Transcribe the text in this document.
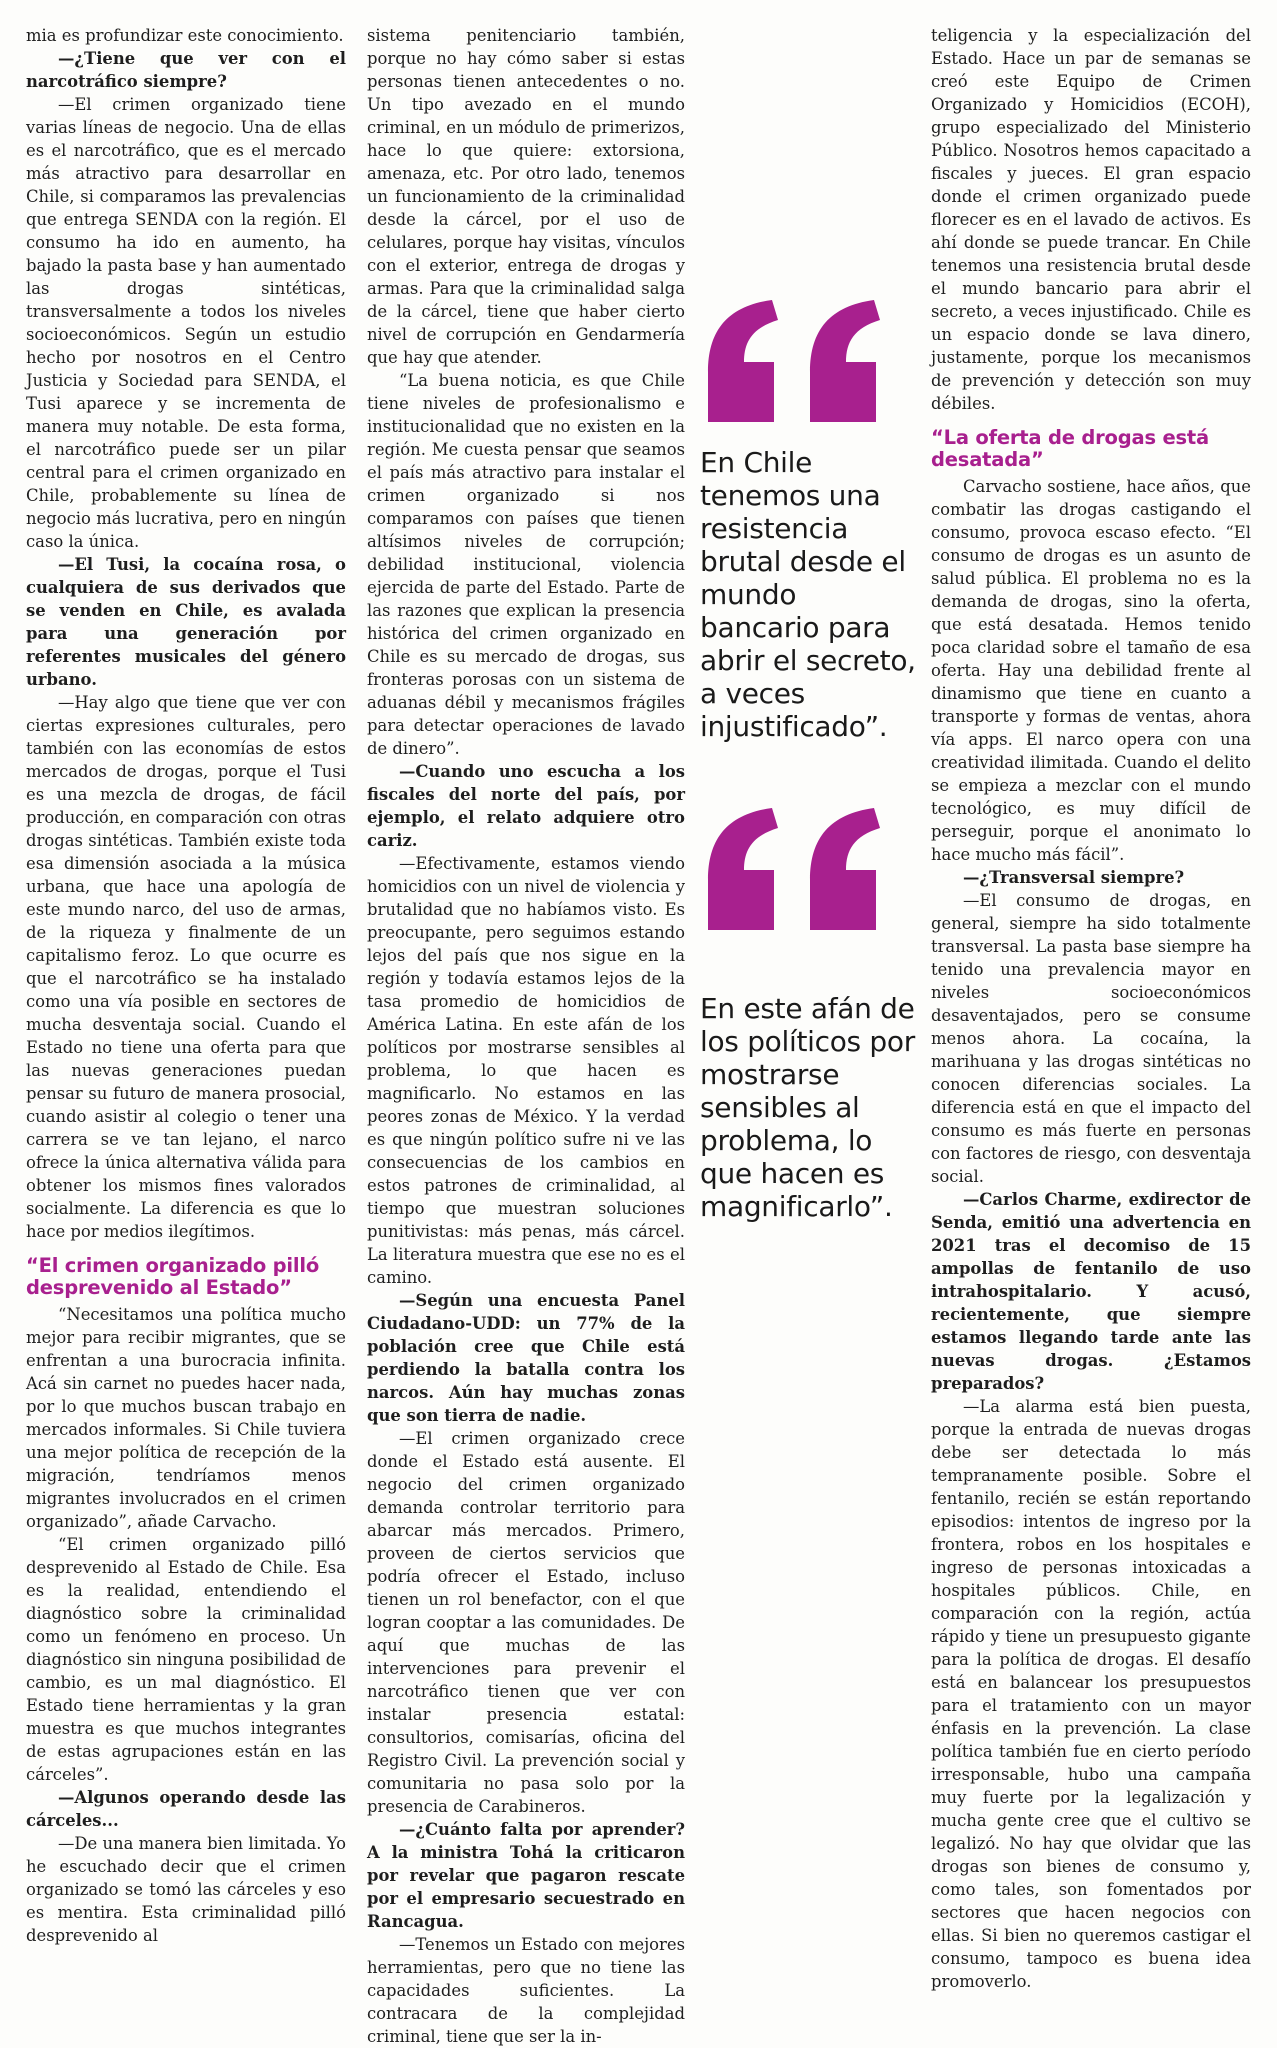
mia es profundizar este conocimiento.

—¿Tiene que ver con el narcotráfico siempre?

—El crimen organizado tiene varias líneas de negocio. Una de ellas es el narcotráfico, que es el mercado más atractivo para desarrollar en Chile, si comparamos las prevalencias que entrega SENDA con la región. El consumo ha ido en aumento, ha bajado la pasta base y han aumentado las drogas sintéticas, transversalmente a todos los niveles socioeconómicos. Según un estudio hecho por nosotros en el Centro Justicia y Sociedad para SENDA, el Tusi aparece y se incrementa de manera muy notable. De esta forma, el narcotráfico puede ser un pilar central para el crimen organizado en Chile, probablemente su línea de negocio más lucrativa, pero en ningún caso la única.

—El Tusi, la cocaína rosa, o cualquiera de sus derivados que se venden en Chile, es avalada para una generación por referentes musicales del género urbano.

—Hay algo que tiene que ver con ciertas expresiones culturales, pero también con las economías de estos mercados de drogas, porque el Tusi es una mezcla de drogas, de fácil producción, en comparación con otras drogas sintéticas. También existe toda esa dimensión asociada a la música urbana, que hace una apología de este mundo narco, del uso de armas, de la riqueza y finalmente de un capitalismo feroz. Lo que ocurre es que el narcotráfico se ha instalado como una vía posible en sectores de mucha desventaja social. Cuando el Estado no tiene una oferta para que las nuevas generaciones puedan pensar su futuro de manera prosocial, cuando asistir al colegio o tener una carrera se ve tan lejano, el narco ofrece la única alternativa válida para obtener los mismos fines valorados socialmente. La diferencia es que lo hace por medios ilegítimos.

“El crimen organizado pilló desprevenido al Estado”

“Necesitamos una política mucho mejor para recibir migrantes, que se enfrentan a una burocracia infinita. Acá sin carnet no puedes hacer nada, por lo que muchos buscan trabajo en mercados informales. Si Chile tuviera una mejor política de recepción de la migración, tendríamos menos migrantes involucrados en el crimen organizado”, añade Carvacho.

“El crimen organizado pilló desprevenido al Estado de Chile. Esa es la realidad, entendiendo el diagnóstico sobre la criminalidad como un fenómeno en proceso. Un diagnóstico sin ninguna posibilidad de cambio, es un mal diagnóstico. El Estado tiene herramientas y la gran muestra es que muchos integrantes de estas agrupaciones están en las cárceles”.

—Algunos operando desde las cárceles...

—De una manera bien limitada. Yo he escuchado decir que el crimen organizado se tomó las cárceles y eso es mentira. Esta criminalidad pilló desprevenido al

sistema penitenciario también, porque no hay cómo saber si estas personas tienen antecedentes o no. Un tipo avezado en el mundo criminal, en un módulo de primerizos, hace lo que quiere: extorsiona, amenaza, etc. Por otro lado, tenemos un funcionamiento de la criminalidad desde la cárcel, por el uso de celulares, porque hay visitas, vínculos con el exterior, entrega de drogas y armas. Para que la criminalidad salga de la cárcel, tiene que haber cierto nivel de corrupción en Gendarmería que hay que atender.

“La buena noticia, es que Chile tiene niveles de profesionalismo e institucionalidad que no existen en la región. Me cuesta pensar que seamos el país más atractivo para instalar el crimen organizado si nos comparamos con países que tienen altísimos niveles de corrupción; debilidad institucional, violencia ejercida de parte del Estado. Parte de las razones que explican la presencia histórica del crimen organizado en Chile es su mercado de drogas, sus fronteras porosas con un sistema de aduanas débil y mecanismos frágiles para detectar operaciones de lavado de dinero”.

—Cuando uno escucha a los fiscales del norte del país, por ejemplo, el relato adquiere otro cariz.

—Efectivamente, estamos viendo homicidios con un nivel de violencia y brutalidad que no habíamos visto. Es preocupante, pero seguimos estando lejos del país que nos sigue en la región y todavía estamos lejos de la tasa promedio de homicidios de América Latina. En este afán de los políticos por mostrarse sensibles al problema, lo que hacen es magnificarlo. No estamos en las peores zonas de México. Y la verdad es que ningún político sufre ni ve las consecuencias de los cambios en estos patrones de criminalidad, al tiempo que muestran soluciones punitivistas: más penas, más cárcel. La literatura muestra que ese no es el camino.

—Según una encuesta Panel Ciudadano-UDD: un 77% de la población cree que Chile está perdiendo la batalla contra los narcos. Aún hay muchas zonas que son tierra de nadie.

—El crimen organizado crece donde el Estado está ausente. El negocio del crimen organizado demanda controlar territorio para abarcar más mercados. Primero, proveen de ciertos servicios que podría ofrecer el Estado, incluso tienen un rol benefactor, con el que logran cooptar a las comunidades. De aquí que muchas de las intervenciones para prevenir el narcotráfico tienen que ver con instalar presencia estatal: consultorios, comisarías, oficina del Registro Civil. La prevención social y comunitaria no pasa solo por la presencia de Carabineros.

—¿Cuánto falta por aprender? A la ministra Tohá la criticaron por revelar que pagaron rescate por el empresario secuestrado en Rancagua.

—Tenemos un Estado con mejores herramientas, pero que no tiene las capacidades suficientes. La contracara de la complejidad criminal, tiene que ser la in-

En Chile tenemos una resistencia brutal desde el mundo bancario para abrir el secreto, a veces injustificado”.
En este afán de los políticos por mostrarse sensibles al problema, lo que hacen es magnificarlo”.

teligencia y la especialización del Estado. Hace un par de semanas se creó este Equipo de Crimen Organizado y Homicidios (ECOH), grupo especializado del Ministerio Público. Nosotros hemos capacitado a fiscales y jueces. El gran espacio donde el crimen organizado puede florecer es en el lavado de activos. Es ahí donde se puede trancar. En Chile tenemos una resistencia brutal desde el mundo bancario para abrir el secreto, a veces injustificado. Chile es un espacio donde se lava dinero, justamente, porque los mecanismos de prevención y detección son muy débiles.

“La oferta de drogas está desatada”

Carvacho sostiene, hace años, que combatir las drogas castigando el consumo, provoca escaso efecto. “El consumo de drogas es un asunto de salud pública. El problema no es la demanda de drogas, sino la oferta, que está desatada. Hemos tenido poca claridad sobre el tamaño de esa oferta. Hay una debilidad frente al dinamismo que tiene en cuanto a transporte y formas de ventas, ahora vía apps. El narco opera con una creatividad ilimitada. Cuando el delito se empieza a mezclar con el mundo tecnológico, es muy difícil de perseguir, porque el anonimato lo hace mucho más fácil”.

—¿Transversal siempre?

—El consumo de drogas, en general, siempre ha sido totalmente transversal. La pasta base siempre ha tenido una prevalencia mayor en niveles socioeconómicos desaventajados, pero se consume menos ahora. La cocaína, la marihuana y las drogas sintéticas no conocen diferencias sociales. La diferencia está en que el impacto del consumo es más fuerte en personas con factores de riesgo, con desventaja social.

—Carlos Charme, exdirector de Senda, emitió una advertencia en 2021 tras el decomiso de 15 ampollas de fentanilo de uso intrahospitalario. Y acusó, recientemente, que siempre estamos llegando tarde ante las nuevas drogas. ¿Estamos preparados?

—La alarma está bien puesta, porque la entrada de nuevas drogas debe ser detectada lo más tempranamente posible. Sobre el fentanilo, recién se están reportando episodios: intentos de ingreso por la frontera, robos en los hospitales e ingreso de personas intoxicadas a hospitales públicos. Chile, en comparación con la región, actúa rápido y tiene un presupuesto gigante para la política de drogas. El desafío está en balancear los presupuestos para el tratamiento con un mayor énfasis en la prevención. La clase política también fue en cierto período irresponsable, hubo una campaña muy fuerte por la legalización y mucha gente cree que el cultivo se legalizó. No hay que olvidar que las drogas son bienes de consumo y, como tales, son fomentados por sectores que hacen negocios con ellas. Si bien no queremos castigar el consumo, tampoco es buena idea promoverlo.
